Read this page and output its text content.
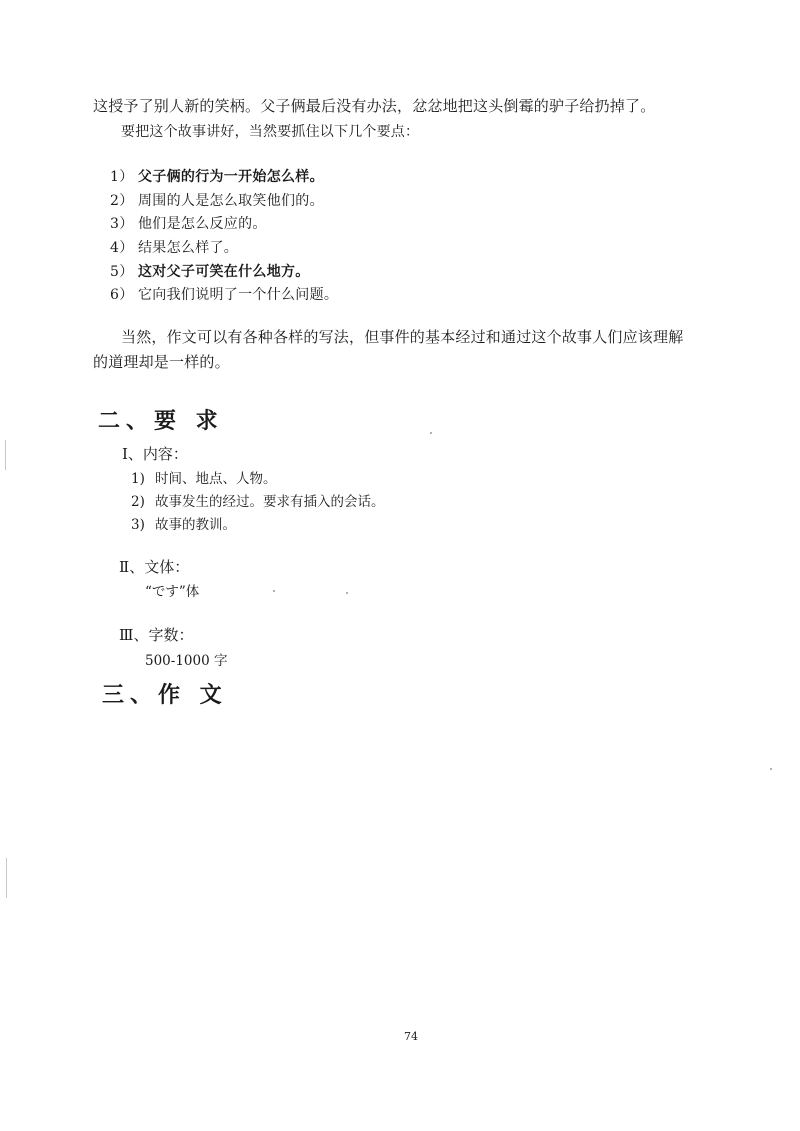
这授予了别人新的笑柄。父子俩最后没有办法，忿忿地把这头倒霉的驴子给扔掉了。
要把这个故事讲好，当然要抓住以下几个要点：
1） 父子俩的行为一开始怎么样。
2） 周围的人是怎么取笑他们的。
3） 他们是怎么反应的。
4） 结果怎么样了。
5） 这对父子可笑在什么地方。
6） 它向我们说明了一个什么问题。
当然，作文可以有各种各样的写法，但事件的基本经过和通过这个故事人们应该理解
的道理却是一样的。
二、要 求
Ⅰ、内容：
1) 时间、地点、人物。
2) 故事发生的经过。要求有插入的会话。
3) 故事的教训。
Ⅱ、文体：
“です”体
Ⅲ、字数：
500-1000 字
三、作 文
74
